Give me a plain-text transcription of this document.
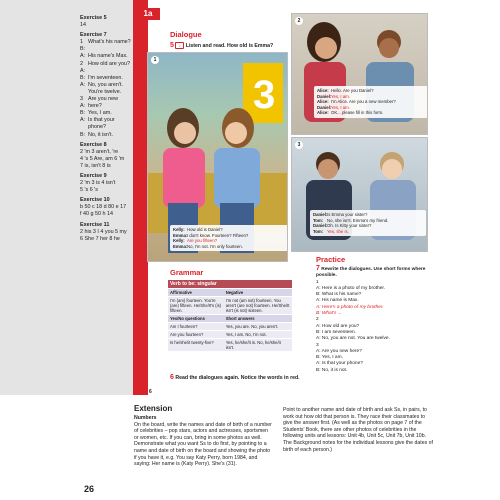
Exercise 5
14
Exercise 7
1 B:
What's his name?
A: His name's Max.
2 A:
How old are you?
B: I'm seventeen.
A: No, you aren't. You're twelve.
3 A:
Are you new here?
B: Yes, I am.
A: Is that your phone?
B: No, it isn't.
Exercise 8
2 'm 3 aren't, 're
4 's 5 Are, am 6 'm
7 is, isn't 8 is
Exercise 9
2 'm 3 is 4 isn't
5 's 6 's
Exercise 10
b 50 c 18 d 80 e 17
f 40 g 50 h 14
Exercise 11
2 his 3 I 4 you 5 my
6 She 7 her 8 he
1a
Dialogue
5 ♪ Listen and read. How old is Emma?
3
1
Kelly: How old is Daniel?
Emma:I don't know. Fourteen? Fifteen?
Kelly: Are you fifteen?
Emma:No, I'm not. I'm only fourteen.
2
Alice: Hello. Are you Daniel?
Daniel:Yes, I am.
Alice: I'm Alice. Are you a new member?
Daniel:Yes, I am.
Alice: OK... please fill in this form.
3
Daniel:Is Emma your sister?
Tom: No, she isn't. Emma's my friend.
Daniel:Oh. Is Kitty your sister?
Tom: Yes, she is.
Grammar
Verb to be: singular	
Affirmative	Negative
I'm (am) fourteen. You're (are) fifteen. He/She/It's (is) fifteen.	I'm not (am not) fourteen. You aren't (are not) fourteen. He/She/It isn't (is not) sixteen.
Yes/No questions	Short answers
Am I fourteen?	Yes, you are. No, you aren't.
Are you fourteen?	Yes, I am. No, I'm not.
Is he/she/it twenty-five?	Yes, he/she/it is. No, he/she/it isn't.
6 Read the dialogues again. Notice the words in red.
Practice
7 Rewrite the dialogues. Use short forms where possible.
1
A: Here is a photo of my brother.
B: What is his name?
A: His name is Max.
A: Here's a photo of my brother.
B: What's ...
2
A: How old are you?
B: I am seventeen.
A: No, you are not. You are twelve.
3
A: Are you new here?
B: Yes, I am.
A: Is that your phone?
B: No, it is not.
6
Extension
Numbers
On the board, write the names and date of birth of a number of celebrities – pop stars, actors and actresses, sportsmen or women, etc. If you can, bring in some photos as well. Demonstrate what you want Ss to do first, by pointing to a name and date of birth on the board and showing the photo if you have it, e.g. You say Katy Perry, born 1984, and saying: Her name is (Katy Perry). She's (31).
Point to another name and date of birth and ask Ss, in pairs, to work out how old that person is. They race their classmates to give the answer first. (As well as the photos on page 7 of the Students' Book, there are other photos of celebrities in the following units and lessons: Unit 4b, Unit 5c, Unit 7b, Unit 10b. The Background notes for the individual lessons give the dates of birth of each person.)
26
